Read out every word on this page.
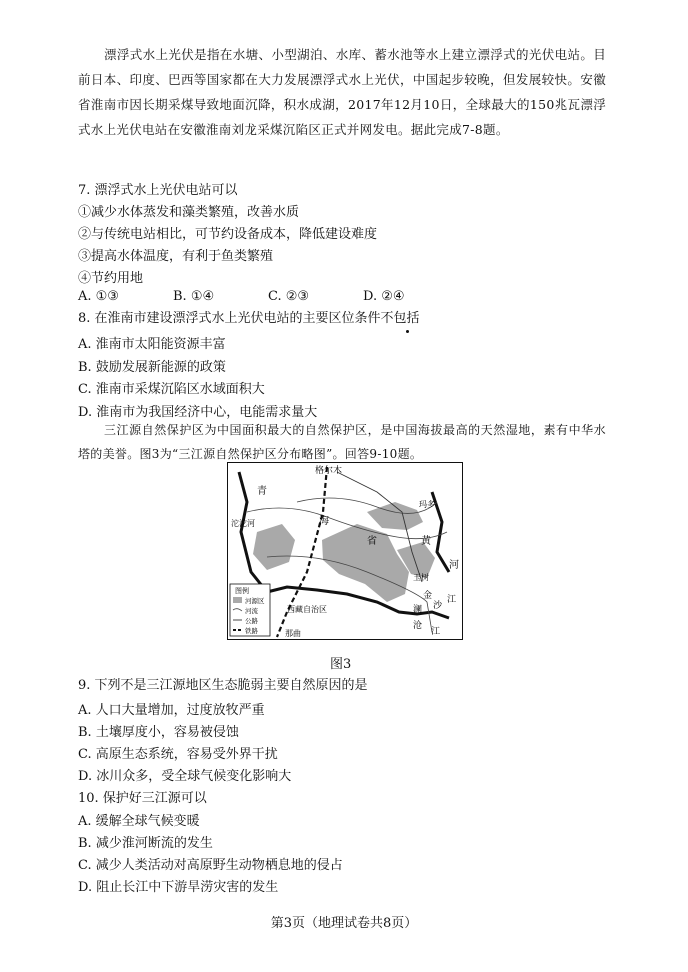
漂浮式水上光伏是指在水塘、小型湖泊、水库、蓄水池等水上建立漂浮式的光伏电站。目前日本、印度、巴西等国家都在大力发展漂浮式水上光伏，中国起步较晚，但发展较快。安徽省淮南市因长期采煤导致地面沉降，积水成湖，2017年12月10日，全球最大的150兆瓦漂浮式水上光伏电站在安徽淮南刘龙采煤沉陷区正式并网发电。据此完成7-8题。
7. 漂浮式水上光伏电站可以
①减少水体蒸发和藻类繁殖，改善水质
②与传统电站相比，可节约设备成本，降低建设难度
③提高水体温度，有利于鱼类繁殖
④节约用地
A. ①③	B. ①④	C. ②③	D. ②④
8. 在淮南市建设漂浮式水上光伏电站的主要区位条件不包括
A. 淮南市太阳能资源丰富
B. 鼓励发展新能源的政策
C. 淮南市采煤沉陷区水域面积大
D. 淮南市为我国经济中心，电能需求量大
三江源自然保护区为中国面积最大的自然保护区，是中国海拔最高的天然湿地，素有中华水塔的美誉。图3为“三江源自然保护区分布略图”。回答9-10题。
格尔木
青
沱沱河	海
省
玛多
黄
河
玉树
金
沙
江
澜
沧
江
西藏自治区
那曲
图例
河源区
河流
公路
铁路
图3
9. 下列不是三江源地区生态脆弱主要自然原因的是
A. 人口大量增加，过度放牧严重
B. 土壤厚度小，容易被侵蚀
C. 高原生态系统，容易受外界干扰
D. 冰川众多，受全球气候变化影响大
10. 保护好三江源可以
A. 缓解全球气候变暖
B. 减少淮河断流的发生
C. 减少人类活动对高原野生动物栖息地的侵占
D. 阻止长江中下游旱涝灾害的发生
第3页（地理试卷共8页）
